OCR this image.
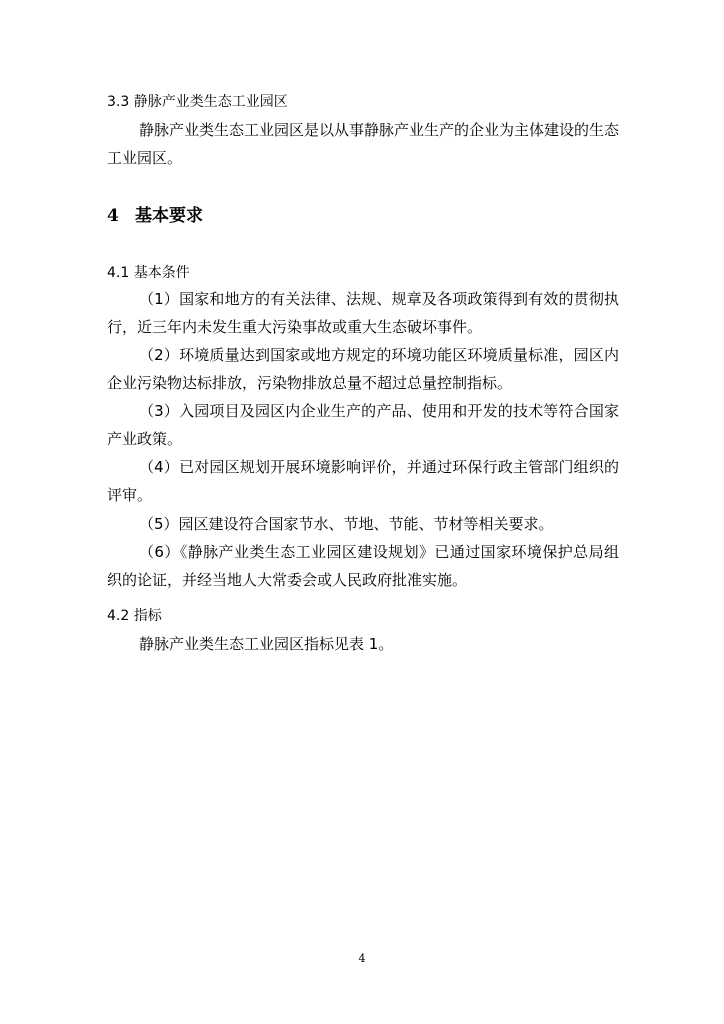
3.3 静脉产业类生态工业园区

静脉产业类生态工业园区是以从事静脉产业生产的企业为主体建设的生态工业园区。

4 基本要求

4.1 基本条件

（1）国家和地方的有关法律、法规、规章及各项政策得到有效的贯彻执行，近三年内未发生重大污染事故或重大生态破坏事件。

（2）环境质量达到国家或地方规定的环境功能区环境质量标准，园区内企业污染物达标排放，污染物排放总量不超过总量控制指标。

（3）入园项目及园区内企业生产的产品、使用和开发的技术等符合国家产业政策。

（4）已对园区规划开展环境影响评价，并通过环保行政主管部门组织的评审。

（5）园区建设符合国家节水、节地、节能、节材等相关要求。

（6）《静脉产业类生态工业园区建设规划》已通过国家环境保护总局组织的论证，并经当地人大常委会或人民政府批准实施。

4.2 指标

静脉产业类生态工业园区指标见表 1。

4
